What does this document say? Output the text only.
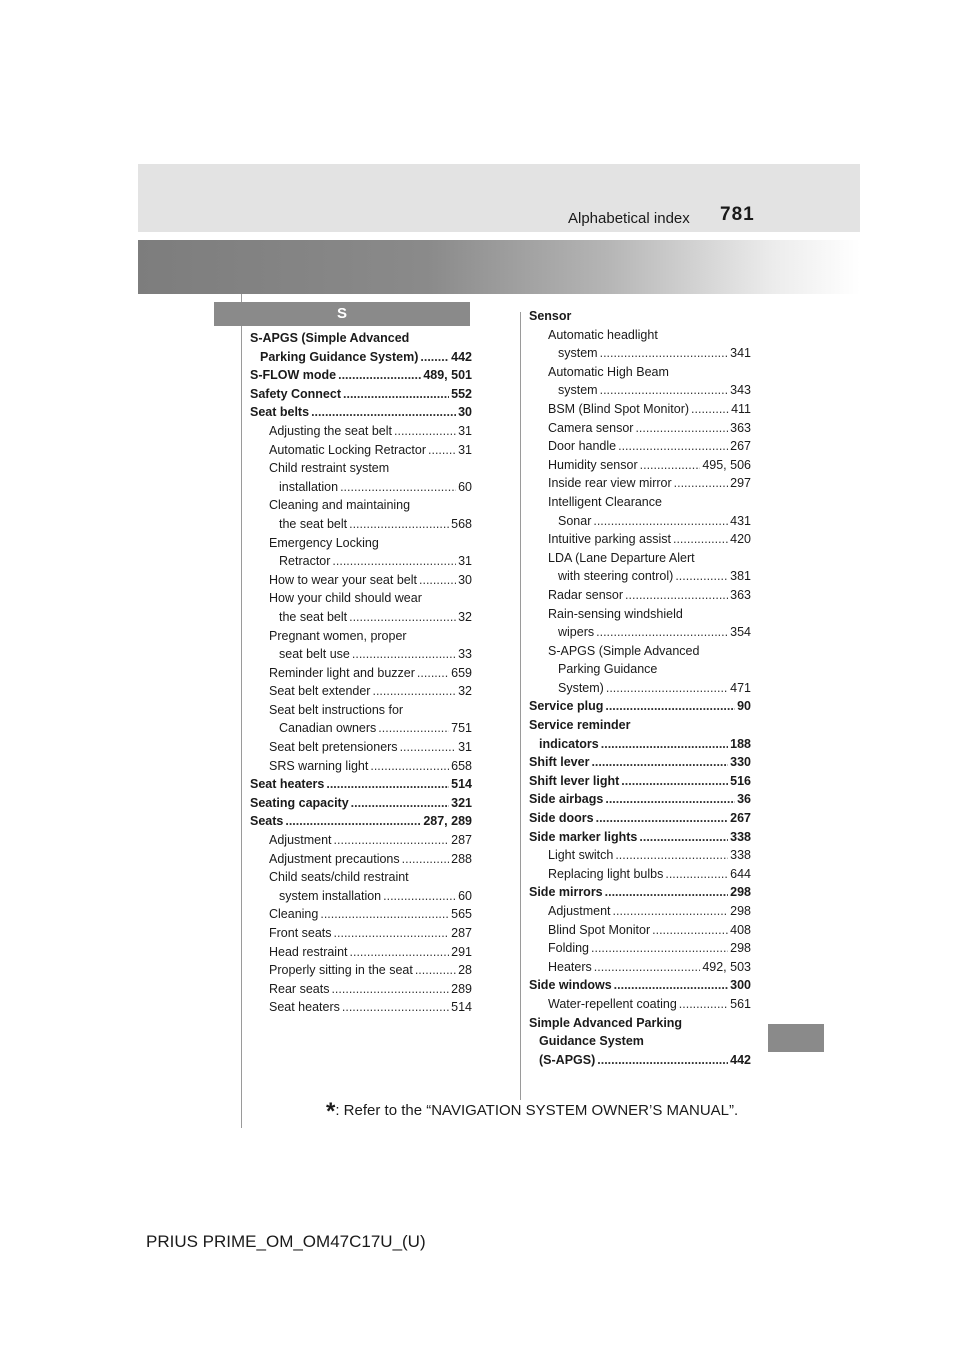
Alphabetical index 781
S
S-APGS (Simple Advanced
Parking Guidance System) .....	442
S-FLOW mode .....	489, 501
Safety Connect .....	552
Seat belts .....	30
Adjusting the seat belt .....	31
Automatic Locking Retractor .....	31
Child restraint system
installation .....	60
Cleaning and maintaining
the seat belt .....	568
Emergency Locking
Retractor .....	31
How to wear your seat belt .....	30
How your child should wear
the seat belt .....	32
Pregnant women, proper
seat belt use .....	33
Reminder light and buzzer .....	659
Seat belt extender .....	32
Seat belt instructions for
Canadian owners .....	751
Seat belt pretensioners .....	31
SRS warning light .....	658
Seat heaters .....	514
Seating capacity .....	321
Seats .....	287, 289
Adjustment .....	287
Adjustment precautions .....	288
Child seats/child restraint
system installation .....	60
Cleaning .....	565
Front seats .....	287
Head restraint .....	291
Properly sitting in the seat .....	28
Rear seats .....	289
Seat heaters .....	514
Sensor
Automatic headlight
system .....	341
Automatic High Beam
system .....	343
BSM (Blind Spot Monitor) .....	411
Camera sensor .....	363
Door handle .....	267
Humidity sensor .....	495, 506
Inside rear view mirror .....	297
Intelligent Clearance
Sonar .....	431
Intuitive parking assist .....	420
LDA (Lane Departure Alert
with steering control) .....	381
Radar sensor .....	363
Rain-sensing windshield
wipers .....	354
S-APGS (Simple Advanced
Parking Guidance
System) .....	471
Service plug .....	90
Service reminder
indicators .....	188
Shift lever .....	330
Shift lever light .....	516
Side airbags .....	36
Side doors .....	267
Side marker lights .....	338
Light switch .....	338
Replacing light bulbs .....	644
Side mirrors .....	298
Adjustment .....	298
Blind Spot Monitor .....	408
Folding .....	298
Heaters .....	492, 503
Side windows .....	300
Water-repellent coating .....	561
Simple Advanced Parking
Guidance System
(S-APGS) .....	442
*: Refer to the “NAVIGATION SYSTEM OWNER’S MANUAL”.
PRIUS PRIME_OM_OM47C17U_(U)
